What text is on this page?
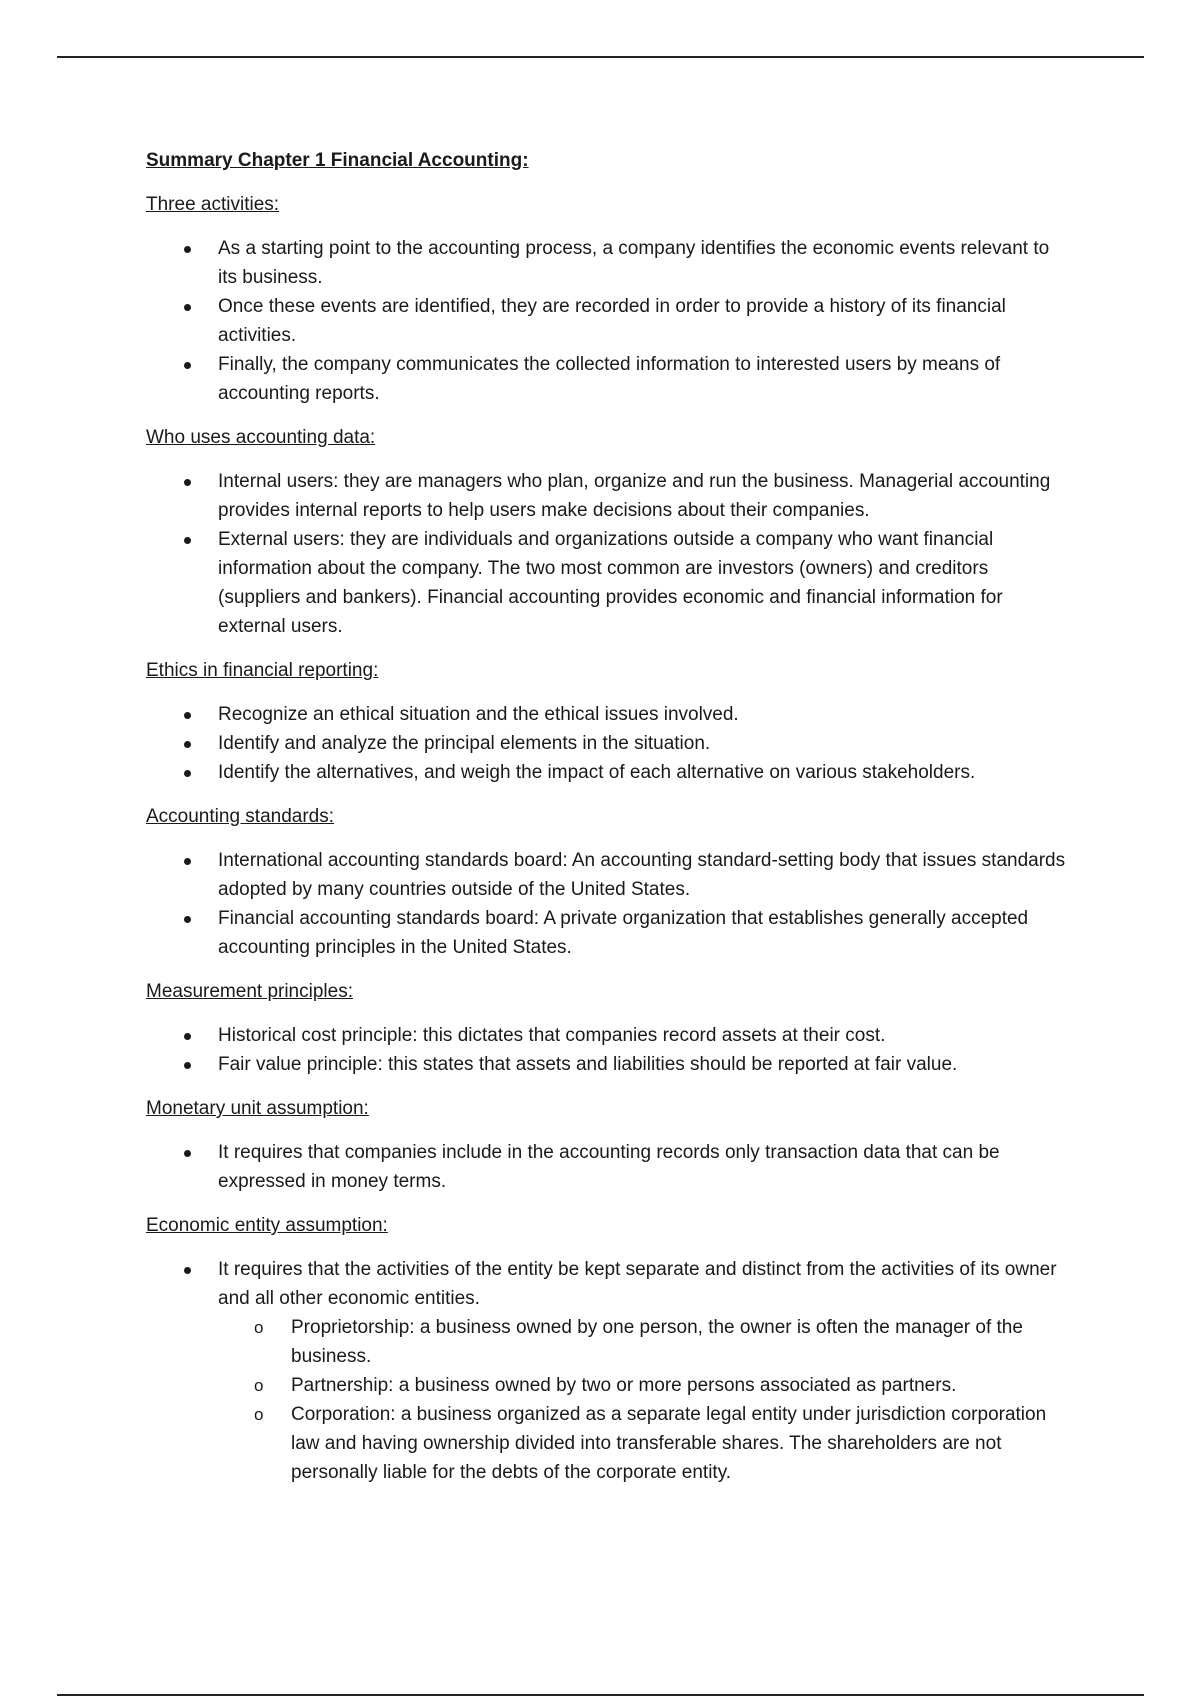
Summary Chapter 1 Financial Accounting:
Three activities:
As a starting point to the accounting process, a company identifies the economic events relevant to its business.
Once these events are identified, they are recorded in order to provide a history of its financial activities.
Finally, the company communicates the collected information to interested users by means of accounting reports.
Who uses accounting data:
Internal users: they are managers who plan, organize and run the business. Managerial accounting provides internal reports to help users make decisions about their companies.
External users: they are individuals and organizations outside a company who want financial information about the company. The two most common are investors (owners) and creditors (suppliers and bankers). Financial accounting provides economic and financial information for external users.
Ethics in financial reporting:
Recognize an ethical situation and the ethical issues involved.
Identify and analyze the principal elements in the situation.
Identify the alternatives, and weigh the impact of each alternative on various stakeholders.
Accounting standards:
International accounting standards board: An accounting standard-setting body that issues standards adopted by many countries outside of the United States.
Financial accounting standards board: A private organization that establishes generally accepted accounting principles in the United States.
Measurement principles:
Historical cost principle: this dictates that companies record assets at their cost.
Fair value principle: this states that assets and liabilities should be reported at fair value.
Monetary unit assumption:
It requires that companies include in the accounting records only transaction data that can be expressed in money terms.
Economic entity assumption:
It requires that the activities of the entity be kept separate and distinct from the activities of its owner and all other economic entities.
o Proprietorship: a business owned by one person, the owner is often the manager of the business.
o Partnership: a business owned by two or more persons associated as partners.
o Corporation: a business organized as a separate legal entity under jurisdiction corporation law and having ownership divided into transferable shares. The shareholders are not personally liable for the debts of the corporate entity.
